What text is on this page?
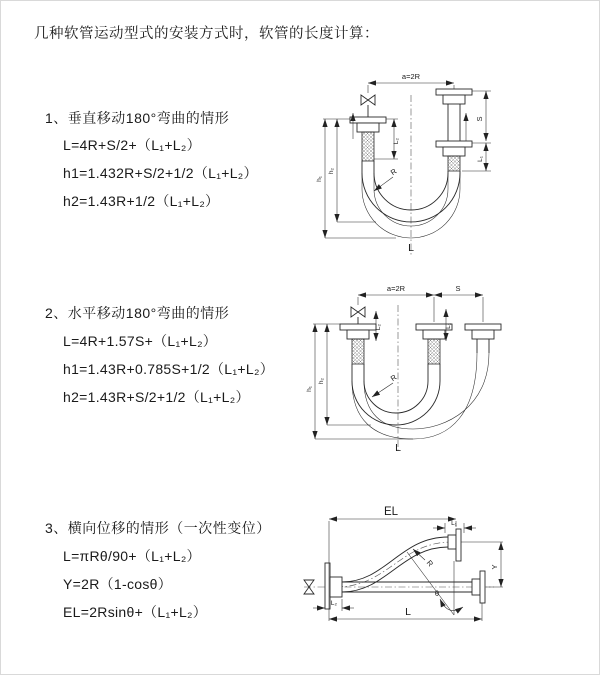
几种软管运动型式的安装方式时，软管的长度计算：
1、垂直移动180°弯曲的情形
L=4R+S/2+（L₁+L₂）
h1=1.432R+S/2+1/2（L₁+L₂）
h2=1.43R+1/2（L₁+L₂）
2、水平移动180°弯曲的情形
L=4R+1.57S+（L₁+L₂）
h1=1.43R+0.785S+1/2（L₁+L₂）
h2=1.43R+S/2+1/2（L₁+L₂）
3、横向位移的情形（一次性变位）
L=πRθ/90+（L₁+L₂）
Y=2R（1-cosθ）
EL=2Rsinθ+（L₁+L₂）
a=2R
L₂
S
L₁
h₁
h₂	R
L
a=2R	S
h₁
h₂
L₂	L₁
R
L
EL
L₁
Y
R
θ
L
L₂
